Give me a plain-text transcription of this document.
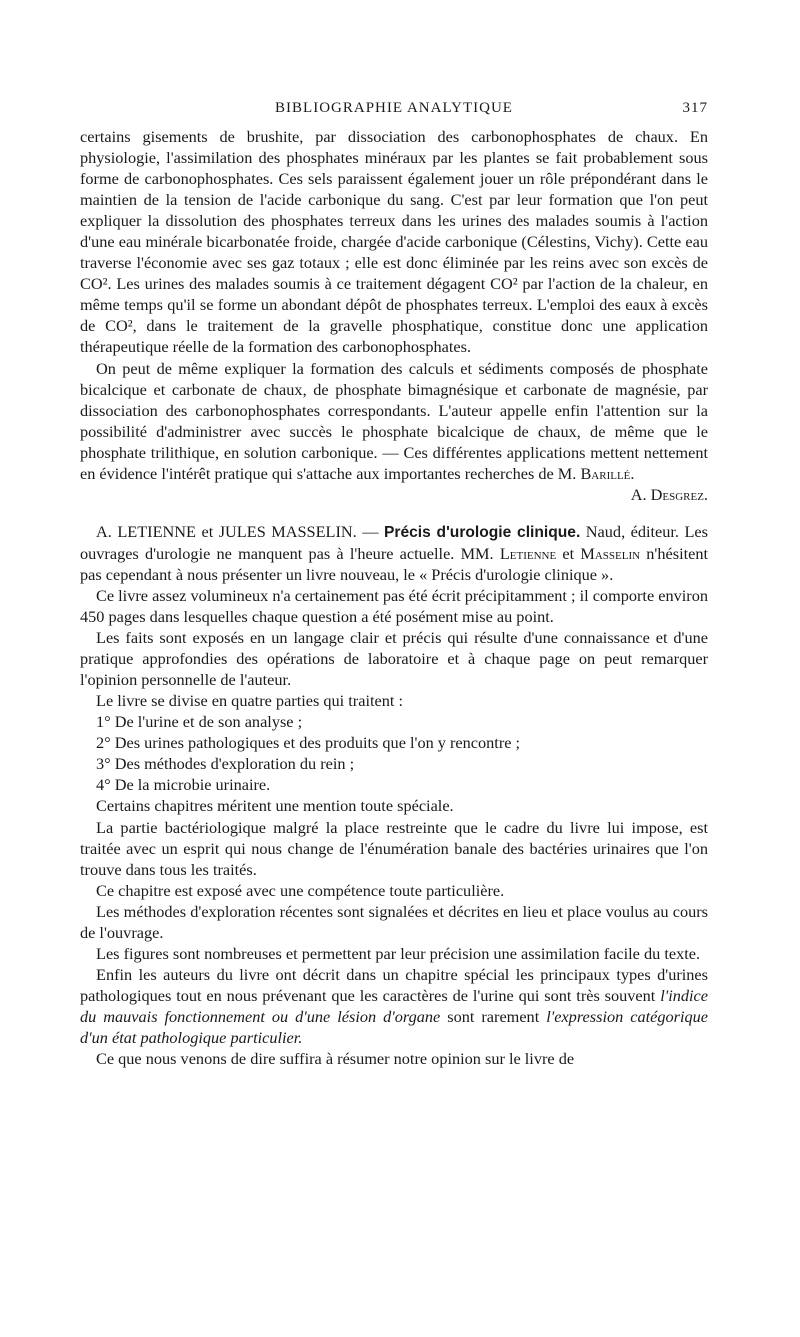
BIBLIOGRAPHIE ANALYTIQUE	317

certains gisements de brushite, par dissociation des carbonophosphates de chaux. En physiologie, l'assimilation des phosphates minéraux par les plantes se fait probablement sous forme de carbonophosphates. Ces sels paraissent également jouer un rôle prépondérant dans le maintien de la tension de l'acide carbonique du sang. C'est par leur formation que l'on peut expliquer la dissolution des phosphates terreux dans les urines des malades soumis à l'action d'une eau minérale bicarbonatée froide, chargée d'acide carbonique (Célestins, Vichy). Cette eau traverse l'économie avec ses gaz totaux ; elle est donc éliminée par les reins avec son excès de CO². Les urines des malades soumis à ce traitement dégagent CO² par l'action de la chaleur, en même temps qu'il se forme un abondant dépôt de phosphates terreux. L'emploi des eaux à excès de CO², dans le traitement de la gravelle phosphatique, constitue donc une application thérapeutique réelle de la formation des carbonophosphates.

On peut de même expliquer la formation des calculs et sédiments composés de phosphate bicalcique et carbonate de chaux, de phosphate bimagnésique et carbonate de magnésie, par dissociation des carbonophosphates correspondants. L'auteur appelle enfin l'attention sur la possibilité d'administrer avec succès le phosphate bicalcique de chaux, de même que le phosphate trilithique, en solution carbonique. — Ces différentes applications mettent nettement en évidence l'intérêt pratique qui s'attache aux importantes recherches de M. Barillé.

A. Desgrez.

A. LETIENNE et JULES MASSELIN. — Précis d'urologie clinique. Naud, éditeur. Les ouvrages d'urologie ne manquent pas à l'heure actuelle. MM. Letienne et Masselin n'hésitent pas cependant à nous présenter un livre nouveau, le « Précis d'urologie clinique ».

Ce livre assez volumineux n'a certainement pas été écrit précipitamment ; il comporte environ 450 pages dans lesquelles chaque question a été posément mise au point.

Les faits sont exposés en un langage clair et précis qui résulte d'une connaissance et d'une pratique approfondies des opérations de laboratoire et à chaque page on peut remarquer l'opinion personnelle de l'auteur.

Le livre se divise en quatre parties qui traitent :

1° De l'urine et de son analyse ;

2° Des urines pathologiques et des produits que l'on y rencontre ;

3° Des méthodes d'exploration du rein ;

4° De la microbie urinaire.

Certains chapitres méritent une mention toute spéciale.

La partie bactériologique malgré la place restreinte que le cadre du livre lui impose, est traitée avec un esprit qui nous change de l'énumération banale des bactéries urinaires que l'on trouve dans tous les traités.

Ce chapitre est exposé avec une compétence toute particulière.

Les méthodes d'exploration récentes sont signalées et décrites en lieu et place voulus au cours de l'ouvrage.

Les figures sont nombreuses et permettent par leur précision une assimilation facile du texte.

Enfin les auteurs du livre ont décrit dans un chapitre spécial les principaux types d'urines pathologiques tout en nous prévenant que les caractères de l'urine qui sont très souvent l'indice du mauvais fonctionnement ou d'une lésion d'organe sont rarement l'expression catégorique d'un état pathologique particulier.

Ce que nous venons de dire suffira à résumer notre opinion sur le livre de
